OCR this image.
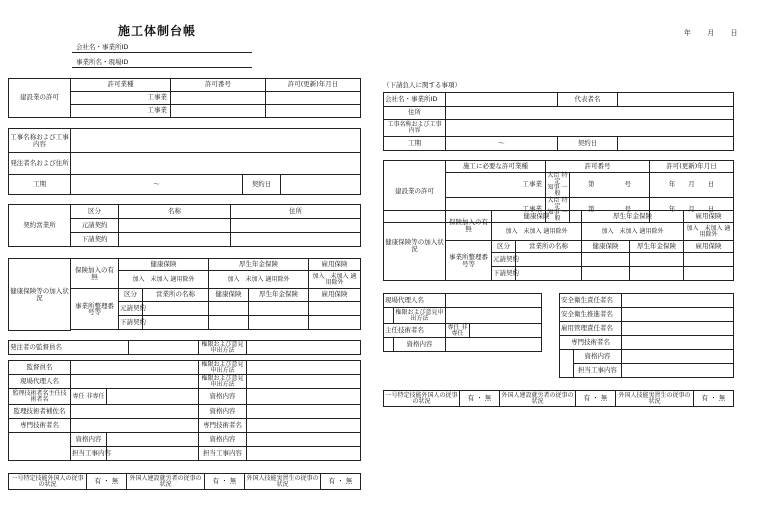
施工体制台帳	年 月 日
会社名・事業所ID
事業所名・現場ID
建設業の許可	許可業種	許可番号	許可(更新)年月日
	工事業		
	工事業		
工事名称および工事内容			
発注者名および住所			
工期	～	契約日	
契約営業所	区分	名称	住所
	元請契約		
	下請契約		
健康保険等の加入状況	保険加入の有無	健康保険		厚生年金保険		雇用保険
		加入　未加入 適用除外		加入　未加入 適用除外		加入　未加入 適用除外
	事業所整理番号等	区分	営業所の名称	健康保険	厚生年金保険	雇用保険
		元請契約				
		下請契約				

発注者の監督員名		権限および意見申出方法	
監督員名			権限および意見申出方法	
現場代理人名			権限および意見申出方法	
監理技術者名主任技術者名	専任 非専任		資格内容	
監理技術者補佐名			資格内容	
専門技術者名			専門技術者名	
	資格内容		資格内容	
	担当工事内容		担当工事内容	
一号特定技能外国人の従事の状況	有 ・ 無	外国人建設就労者の従事の状況	有 ・ 無	外国人技能実習生の従事の状況	有 ・ 無
（下請負人に関する事項）
会社名・事業所ID		代表者名	
住所			
工事名称および工事内容			
工期	～	契約日	
建設業の許可	施工に必要な許可業種	許可番号		許可(更新)年月日
	工事業	大臣 特定
知事 一般	第 号	年　　月　　日
	工事業	大臣 特定
知事 一般	第 号	年　　月　　日
健康保険等の加入状況	保険加入の有無	健康保険		厚生年金保険		雇用保険
		加入　未加入 適用除外		加入　未加入 適用除外		加入　未加入 適用除外
	事業所整理番号等	区分	営業所の名称	健康保険	厚生年金保険	雇用保険
		元請契約				
		下請契約				
現場代理人名			
	権限および意見申出方法		
主任技術者名		専任 非専任	
	資格内容		
安全衛生責任者名		
安全衛生推進者名		
雇用管理責任者名		
専門技術者名		
	資格内容	
	担当工事内容	
一号特定技能外国人の従事の状況	有 ・ 無	外国人建設就労者の従事の状況	有 ・ 無	外国人技能実習生の従事の状況	有 ・ 無
